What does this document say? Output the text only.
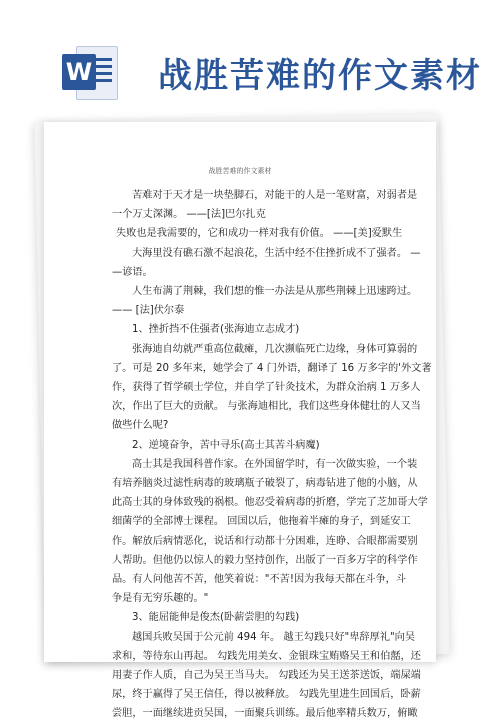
W 战胜苦难的作文素材
战胜苦难的作文素材

苦难对于天才是一块垫脚石，对能干的人是一笔财富，对弱者是

一个万丈深渊。 ——[法]巴尔扎克

失败也是我需要的，它和成功一样对我有价值。 ——[美]爱默生

大海里没有礁石激不起浪花，生活中经不住挫折成不了强者。 —

—谚语。

人生布满了荆棘，我们想的惟一办法是从那些荆棘上迅速跨过。

—— [法]伏尔泰

1、挫折挡不住强者(张海迪立志成才)

张海迪自幼就严重高位截瘫，几次濒临死亡边缘，身体可算弱的

了。可是 20 多年来，她学会了 4 门外语，翻译了 16 万多字的'外文著

作，获得了哲学硕士学位，并自学了针灸技术，为群众治病 1 万多人

次，作出了巨大的贡献。 与张海迪相比，我们这些身体健壮的人又当

做些什么呢?

2、逆境奋争，苦中寻乐(高士其苦斗病魔)

高士其是我国科普作家。在外国留学时，有一次做实验，一个装

有培养脑炎过滤性病毒的玻璃瓶子破裂了，病毒钻进了他的小脑，从

此高士其的身体致残的祸根。他忍受着病毒的折磨，学完了芝加哥大学

细菌学的全部博士课程。 回国以后，他拖着半瘫的身子，到延安工

作。解放后病情恶化，说话和行动都十分困难，连睁、合眼都需要别

人帮助。但他仍以惊人的毅力坚持创作，出版了一百多万字的科学作

品。有人问他苦不苦，他笑着说："不苦!因为我每天都在斗争，斗

争是有无穷乐趣的。"

3、能屈能伸是俊杰(卧薪尝胆的勾践)

越国兵败吴国于公元前 494 年。 越王勾践只好"卑辞厚礼"向吴

求和，等待东山再起。 勾践先用美女、金银珠宝贿赂吴王和伯嚭，还

用妻子作人质，自己为吴王当马夫。 勾践还为吴王送茶送饭，端屎端

尿，终于赢得了吴王信任，得以被释放。 勾践先里进生回国后，卧薪

尝胆，一面继续进贡吴国，一面聚兵训练。最后他率精兵数万，俯瞰
